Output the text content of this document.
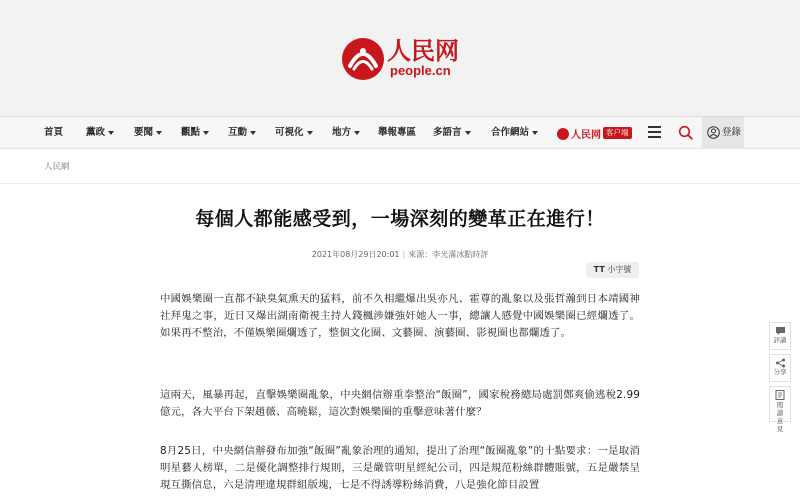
人民网
people.cn
首頁 黨政	要聞	觀點	互動	可視化	地方	舉報專區 多語言	合作網站	人民网 客户端	登錄
人民網
每個人都能感受到，一場深刻的變革正在進行！
2021年08月29日20:01 | 來源：李光滿冰點時評
TT 小字號

中國娛樂圈一直都不缺臭氣熏天的猛料，前不久相繼爆出吳亦凡、霍尊的亂象以及張哲瀚到日本靖國神社拜鬼之事，近日又爆出湖南衛視主持人錢楓涉嫌強奸她人一事，總讓人感覺中國娛樂圈已經爛透了。如果再不整治，不僅娛樂圈爛透了，整個文化圈、文藝圈、演藝圈、影視圈也都爛透了。

這兩天，風暴再起，直擊娛樂圈亂象，中央網信辦重拳整治“飯圈”，國家稅務總局處罰鄭爽偷逃稅2.99億元，各大平台下架趙薇、高曉鬆，這次對娛樂圈的重擊意味著什麼？

8月25日，中央網信辦發布加強“飯圈”亂象治理的通知，提出了治理“飯圈亂象”的十點要求：一是取消明星藝人榜單，二是優化調整排行規則，三是嚴管明星經紀公司，四是規范粉絲群體賬號，五是嚴禁呈現互撕信息，六是清理違規群組版塊，七是不得誘導粉絲消費，八是強化節目設置

評論
分享
閱讀意見
